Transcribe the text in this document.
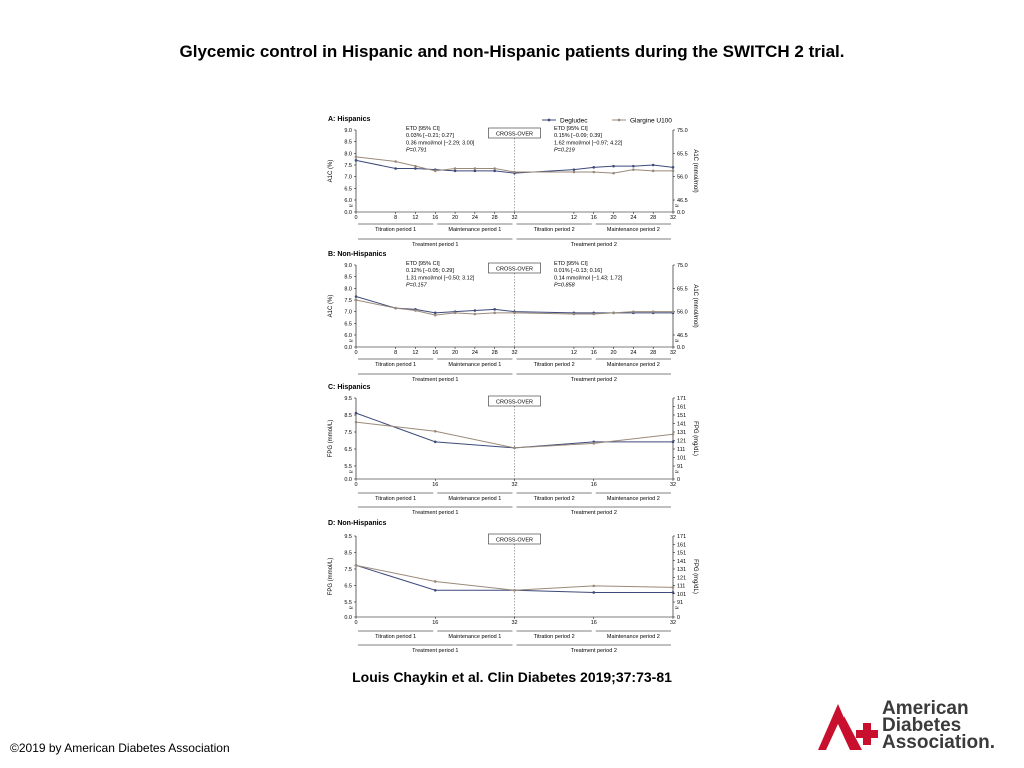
Glycemic control in Hispanic and non-Hispanic patients during the SWITCH 2 trial.
Degludec	Glargine U100
A: Hispanics
≈	≈
9.0
8.5
8.0
7.5
7.0
6.5
6.0
0.0
75.0
65.5
56.0
46.5
0.0
A1C (%)	A1C (mmol/mol)
0	8	12 16 20 24 28 32	12 16 20 24 28 32
CROSS-OVER
Titration period 1	Maintenance period 1	Titration period 2	Maintenance period 2
Treatment period 1	Treatment period 2
ETD [95% CI]
0.03% [−0.21; 0.27]
0.36 mmol/mol [−2.29; 3.00]
P=0.791
ETD [95% CI]
0.15% [−0.09; 0.39]
1.62 mmol/mol [−0.97; 4.22]
P=0.219
B: Non-Hispanics
≈	≈
9.0
8.5
8.0
7.5
7.0
6.5
6.0
0.0
75.0
65.5
56.0
46.5
0.0
A1C (%)	A1C (mmol/mol)
0	8	12 16 20 24 28 32	12 16 20 24 28 32
CROSS-OVER
Titration period 1	Maintenance period 1	Titration period 2	Maintenance period 2
Treatment period 1	Treatment period 2
ETD [95% CI]
0.12% [−0.05; 0.29]
1.31 mmol/mol [−0.50; 3.12]
P=0.157
ETD [95% CI]
0.01% [−0.13; 0.16]
0.14 mmol/mol [−1.43; 1.72]
P=0.858
C: Hispanics
≈	≈
9.5
8.5
7.5
6.5
5.5
0.0
171
161
151
141
131
121
111
101
91
0
FPG (mmol/L)	FPG (mg/dL)
0	16	32	16	32
CROSS-OVER
Titration period 1	Maintenance period 1	Titration period 2	Maintenance period 2
Treatment period 1	Treatment period 2
D: Non-Hispanics
≈	≈
9.5
8.5
7.5
6.5
5.5
0.0
171
161
151
141
131
121
111
101
91
0
FPG (mmol/L)	FPG (mg/dL)
0	16	32	16	32
CROSS-OVER
Titration period 1	Maintenance period 1	Titration period 2	Maintenance period 2
Treatment period 1	Treatment period 2
Louis Chaykin et al. Clin Diabetes 2019;37:73-81
©2019 by American Diabetes Association
American
Diabetes
Association.
